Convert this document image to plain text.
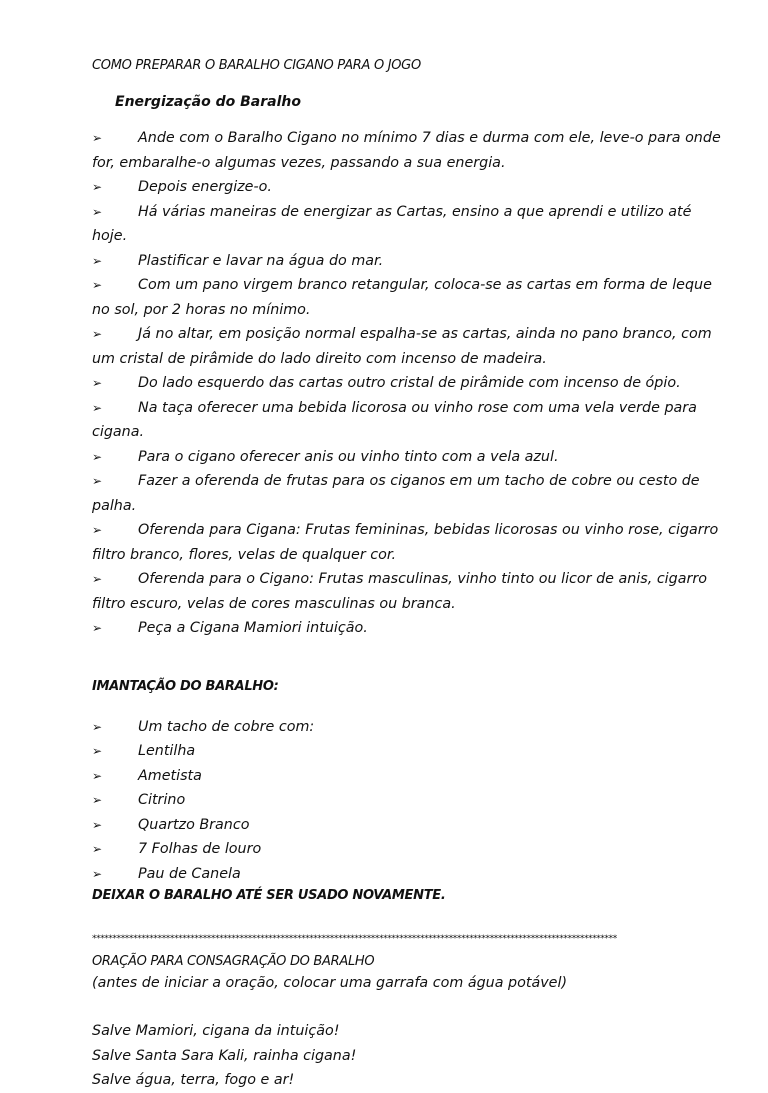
COMO PREPARAR O BARALHO CIGANO PARA O JOGO
Energização do Baralho
➢	Ande com o Baralho Cigano no mínimo 7 dias e durma com ele, leve-o para onde for, embaralhe-o algumas vezes, passando a sua energia.
➢	Depois energize-o.
➢	Há várias maneiras de energizar as Cartas, ensino a que aprendi e utilizo até hoje.
➢	Plastificar e lavar na água do mar.
➢	Com um pano virgem branco retangular, coloca-se as cartas em forma de leque no sol, por 2 horas no mínimo.
➢	Já no altar, em posição normal espalha-se as cartas, ainda no pano branco, com um cristal de pirâmide do lado direito com incenso de madeira.
➢	Do lado esquerdo das cartas outro cristal de pirâmide com incenso de ópio.
➢	Na taça oferecer uma bebida licorosa ou vinho rose com uma vela verde para cigana.
➢	Para o cigano oferecer anis ou vinho tinto com a vela azul.
➢	Fazer a oferenda de frutas para os ciganos em um tacho de cobre ou cesto de palha.
➢	Oferenda para Cigana: Frutas femininas, bebidas licorosas ou vinho rose, cigarro filtro branco, flores, velas de qualquer cor.
➢	Oferenda para o Cigano: Frutas masculinas, vinho tinto ou licor de anis, cigarro filtro escuro, velas de cores masculinas ou branca.
➢	Peça a Cigana Mamiori intuição.
IMANTAÇÃO DO BARALHO:
➢	Um tacho de cobre com:
➢	Lentilha
➢	Ametista
➢	Citrino
➢	Quartzo Branco
➢	7 Folhas de louro
➢	Pau de Canela
DEIXAR O BARALHO ATÉ SER USADO NOVAMENTE.
********************************************************************************************************************************
ORAÇÃO PARA CONSAGRAÇÃO DO BARALHO
(antes de iniciar a oração, colocar uma garrafa com água potável)
Salve Mamiori, cigana da intuição!
Salve Santa Sara Kali, rainha cigana!
Salve água, terra, fogo e ar!
